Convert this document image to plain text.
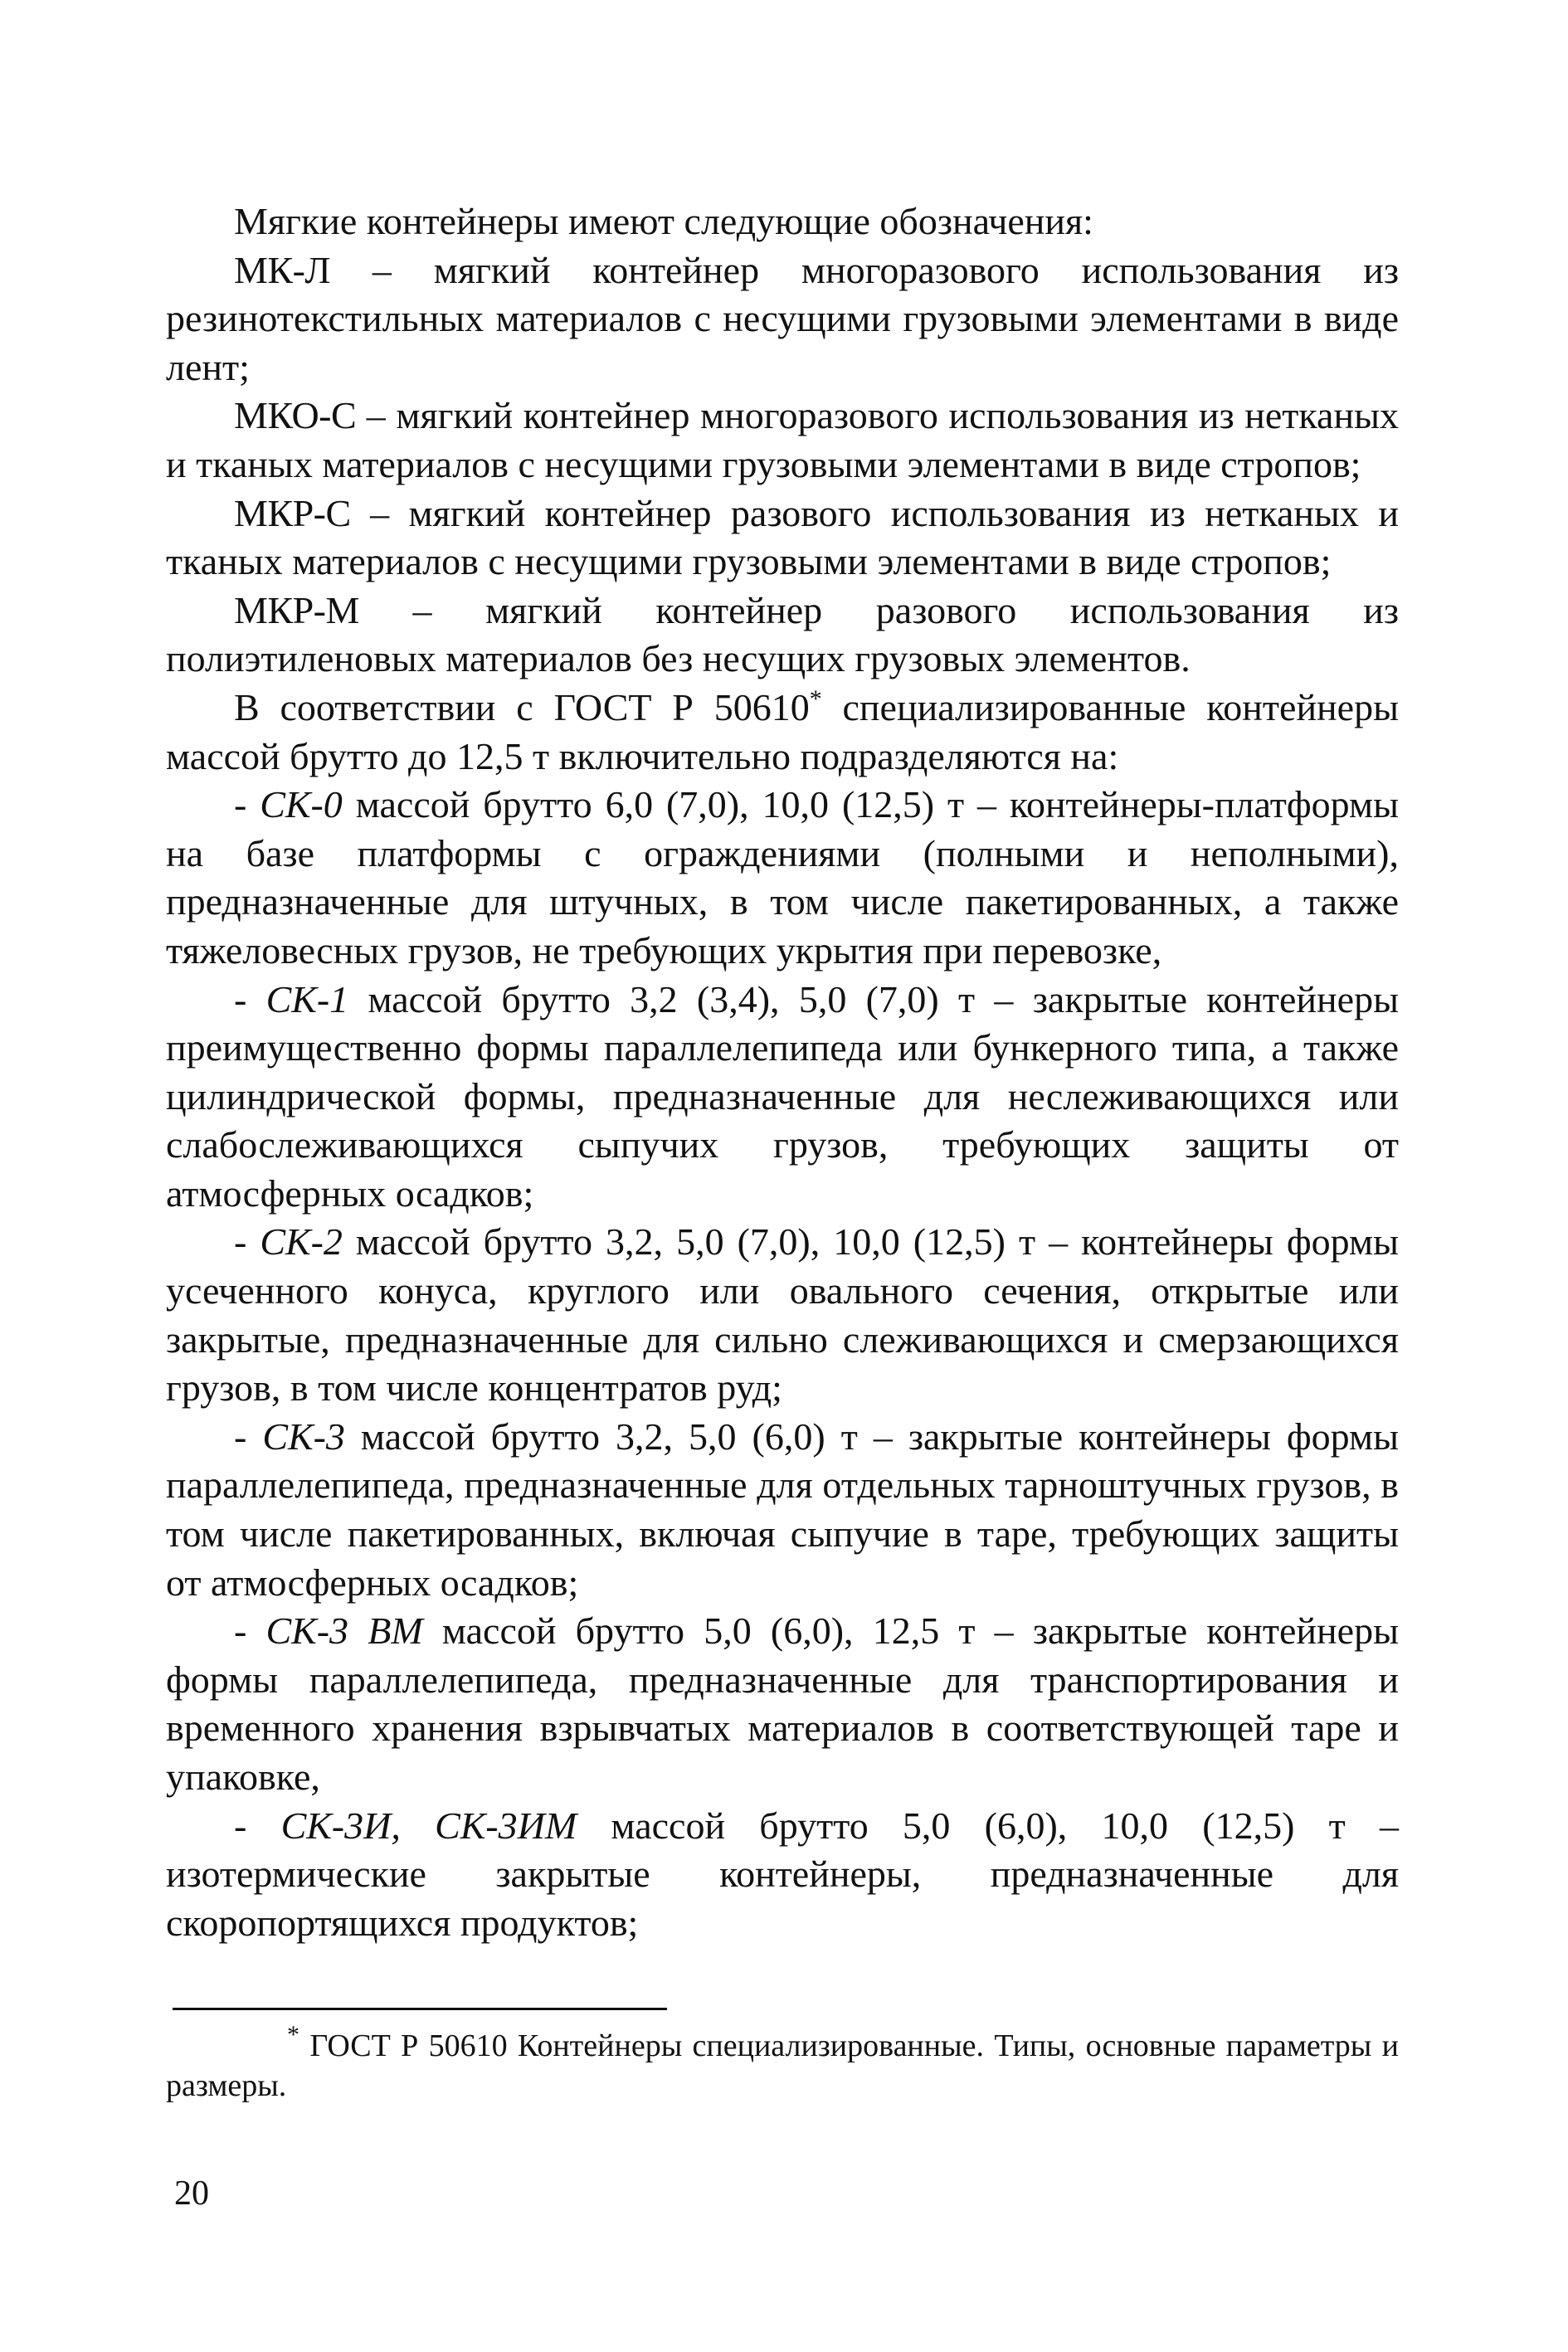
Мягкие контейнеры имеют следующие обозначения:

МК-Л – мягкий контейнер многоразового использования из резинотекстильных материалов с несущими грузовыми элементами в виде лент;

МКО-С – мягкий контейнер многоразового использования из нетканых и тканых материалов с несущими грузовыми элементами в виде стропов;

МКР-С – мягкий контейнер разового использования из нетканых и тканых материалов с несущими грузовыми элементами в виде стропов;

МКР-М – мягкий контейнер разового использования из полиэтиленовых материалов без несущих грузовых элементов.

В соответствии с ГОСТ Р 50610* специализированные контейнеры массой брутто до 12,5 т включительно подразделяются на:

- СК-0 массой брутто 6,0 (7,0), 10,0 (12,5) т – контейнеры-платформы на базе платформы с ограждениями (полными и неполными), предназначенные для штучных, в том числе пакетированных, а также тяжеловесных грузов, не требующих укрытия при перевозке,

- СК-1 массой брутто 3,2 (3,4), 5,0 (7,0) т – закрытые контейнеры преимущественно формы параллелепипеда или бункерного типа, а также цилиндрической формы, предназначенные для неслеживающихся или слабослеживающихся сыпучих грузов, требующих защиты от атмосферных осадков;

- СК-2 массой брутто 3,2, 5,0 (7,0), 10,0 (12,5) т – контейнеры формы усеченного конуса, круглого или овального сечения, открытые или закрытые, предназначенные для сильно слеживающихся и смерзающихся грузов, в том числе концентратов руд;

- СК-3 массой брутто 3,2, 5,0 (6,0) т – закрытые контейнеры формы параллелепипеда, предназначенные для отдельных тарноштучных грузов, в том числе пакетированных, включая сыпучие в таре, требующих защиты от атмосферных осадков;

- СК-3 ВМ массой брутто 5,0 (6,0), 12,5 т – закрытые контейнеры формы параллелепипеда, предназначенные для транспортирования и временного хранения взрывчатых материалов в соответствующей таре и упаковке,

- СК-3И, СК-3ИМ массой брутто 5,0 (6,0), 10,0 (12,5) т – изотермические закрытые контейнеры, предназначенные для скоропортящихся продуктов;

* ГОСТ Р 50610 Контейнеры специализированные. Типы, основные параметры и размеры.

20
